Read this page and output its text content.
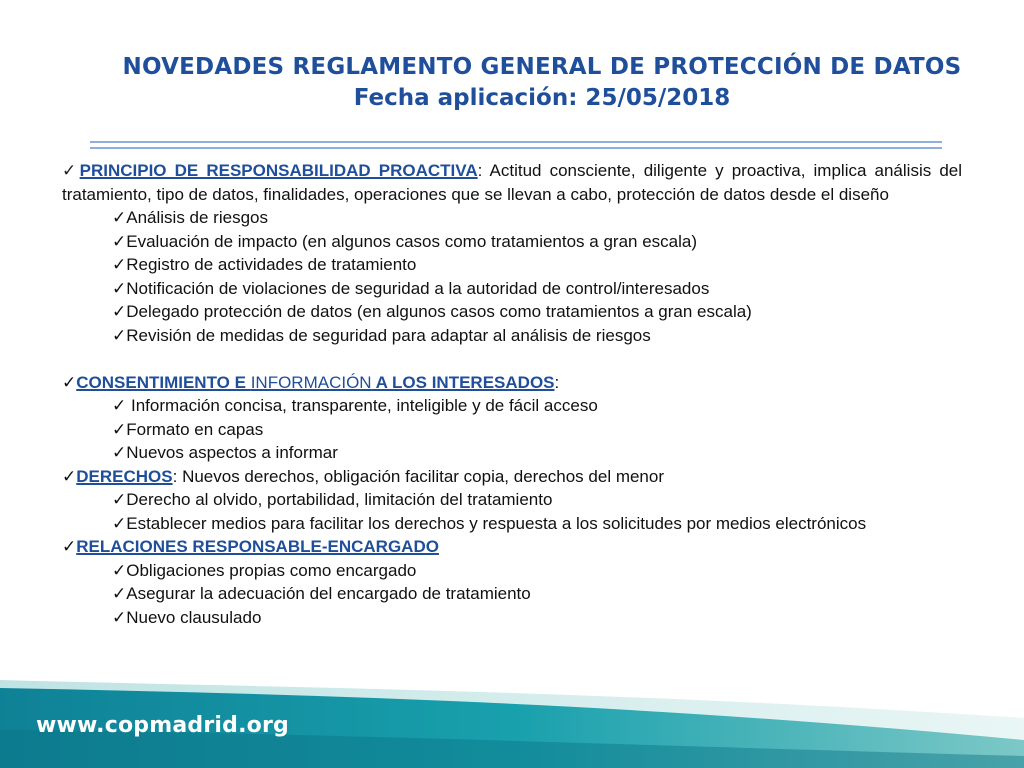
NOVEDADES REGLAMENTO GENERAL DE PROTECCIÓN DE DATOS
Fecha aplicación: 25/05/2018

✓PRINCIPIO DE RESPONSABILIDAD PROACTIVA: Actitud consciente, diligente y proactiva, implica análisis del tratamiento, tipo de datos, finalidades, operaciones que se llevan a cabo, protección de datos desde el diseño

✓Análisis de riesgos

✓Evaluación de impacto (en algunos casos como tratamientos a gran escala)

✓Registro de actividades de tratamiento

✓Notificación de violaciones de seguridad a la autoridad de control/interesados

✓Delegado protección de datos (en algunos casos como tratamientos a gran escala)

✓Revisión de medidas de seguridad para adaptar al análisis de riesgos

✓CONSENTIMIENTO E INFORMACIÓN A LOS INTERESADOS:

✓ Información concisa, transparente, inteligible y de fácil acceso

✓Formato en capas

✓Nuevos aspectos a informar

✓DERECHOS: Nuevos derechos, obligación facilitar copia, derechos del menor

✓Derecho al olvido, portabilidad, limitación del tratamiento

✓Establecer medios para facilitar los derechos y respuesta a los solicitudes por medios electrónicos

✓RELACIONES RESPONSABLE-ENCARGADO

✓Obligaciones propias como encargado

✓Asegurar la adecuación del encargado de tratamiento

✓Nuevo clausulado

www.copmadrid.org
